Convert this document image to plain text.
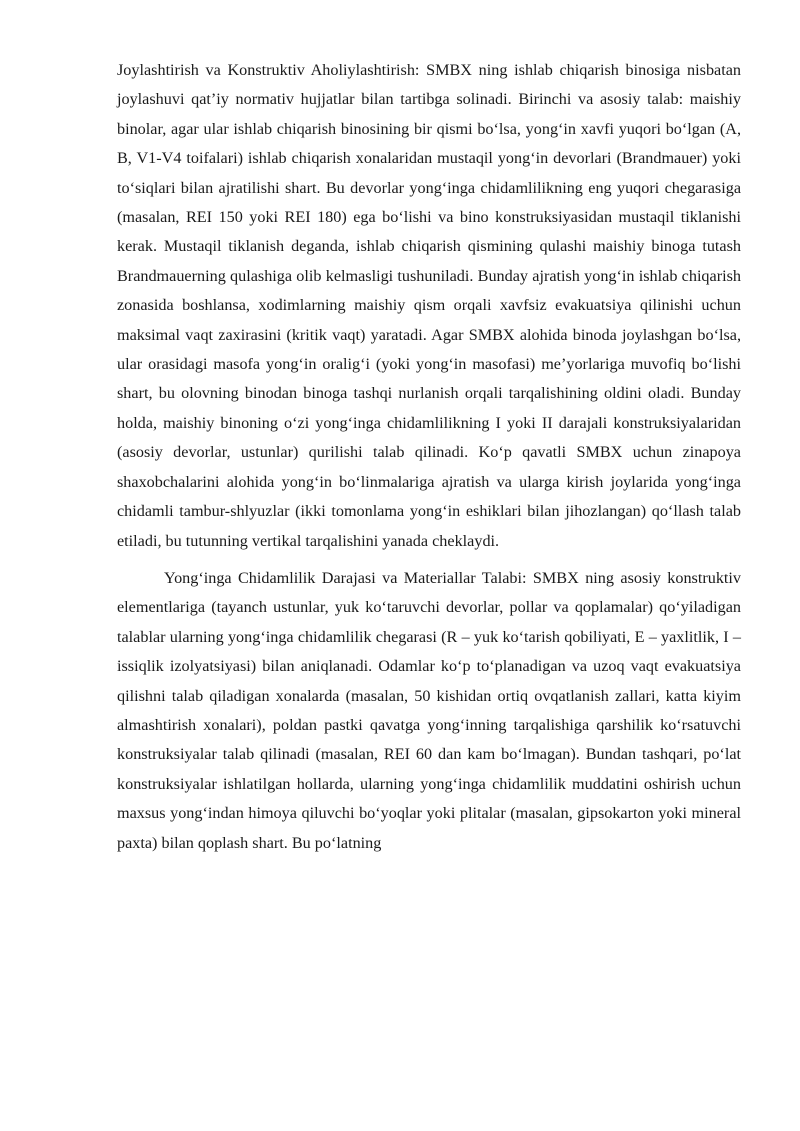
Joylashtirish va Konstruktiv Aholiylashtirish: SMBX ning ishlab chiqarish binosiga nisbatan joylashuvi qat’iy normativ hujjatlar bilan tartibga solinadi. Birinchi va asosiy talab: maishiy binolar, agar ular ishlab chiqarish binosining bir qismi bo‘lsa, yong‘in xavfi yuqori bo‘lgan (A, B, V1-V4 toifalari) ishlab chiqarish xonalaridan mustaqil yong‘in devorlari (Brandmauer) yoki to‘siqlari bilan ajratilishi shart. Bu devorlar yong‘inga chidamlilikning eng yuqori chegarasiga (masalan, REI 150 yoki REI 180) ega bo‘lishi va bino konstruksiyasidan mustaqil tiklanishi kerak. Mustaqil tiklanish deganda, ishlab chiqarish qismining qulashi maishiy binoga tutash Brandmauerning qulashiga olib kelmasligi tushuniladi. Bunday ajratish yong‘in ishlab chiqarish zonasida boshlansa, xodimlarning maishiy qism orqali xavfsiz evakuatsiya qilinishi uchun maksimal vaqt zaxirasini (kritik vaqt) yaratadi. Agar SMBX alohida binoda joylashgan bo‘lsa, ular orasidagi masofa yong‘in oralig‘i (yoki yong‘in masofasi) me’yorlariga muvofiq bo‘lishi shart, bu olovning binodan binoga tashqi nurlanish orqali tarqalishining oldini oladi. Bunday holda, maishiy binoning o‘zi yong‘inga chidamlilikning I yoki II darajali konstruksiyalaridan (asosiy devorlar, ustunlar) qurilishi talab qilinadi. Ko‘p qavatli SMBX uchun zinapoya shaxobchalarini alohida yong‘in bo‘linmalariga ajratish va ularga kirish joylarida yong‘inga chidamli tambur-shlyuzlar (ikki tomonlama yong‘in eshiklari bilan jihozlangan) qo‘llash talab etiladi, bu tutunning vertikal tarqalishini yanada cheklaydi.

Yong‘inga Chidamlilik Darajasi va Materiallar Talabi: SMBX ning asosiy konstruktiv elementlariga (tayanch ustunlar, yuk ko‘taruvchi devorlar, pollar va qoplamalar) qo‘yiladigan talablar ularning yong‘inga chidamlilik chegarasi (R – yuk ko‘tarish qobiliyati, E – yaxlitlik, I – issiqlik izolyatsiyasi) bilan aniqlanadi. Odamlar ko‘p to‘planadigan va uzoq vaqt evakuatsiya qilishni talab qiladigan xonalarda (masalan, 50 kishidan ortiq ovqatlanish zallari, katta kiyim almashtirish xonalari), poldan pastki qavatga yong‘inning tarqalishiga qarshilik ko‘rsatuvchi konstruksiyalar talab qilinadi (masalan, REI 60 dan kam bo‘lmagan). Bundan tashqari, po‘lat konstruksiyalar ishlatilgan hollarda, ularning yong‘inga chidamlilik muddatini oshirish uchun maxsus yong‘indan himoya qiluvchi bo‘yoqlar yoki plitalar (masalan, gipsokarton yoki mineral paxta) bilan qoplash shart. Bu po‘latning
